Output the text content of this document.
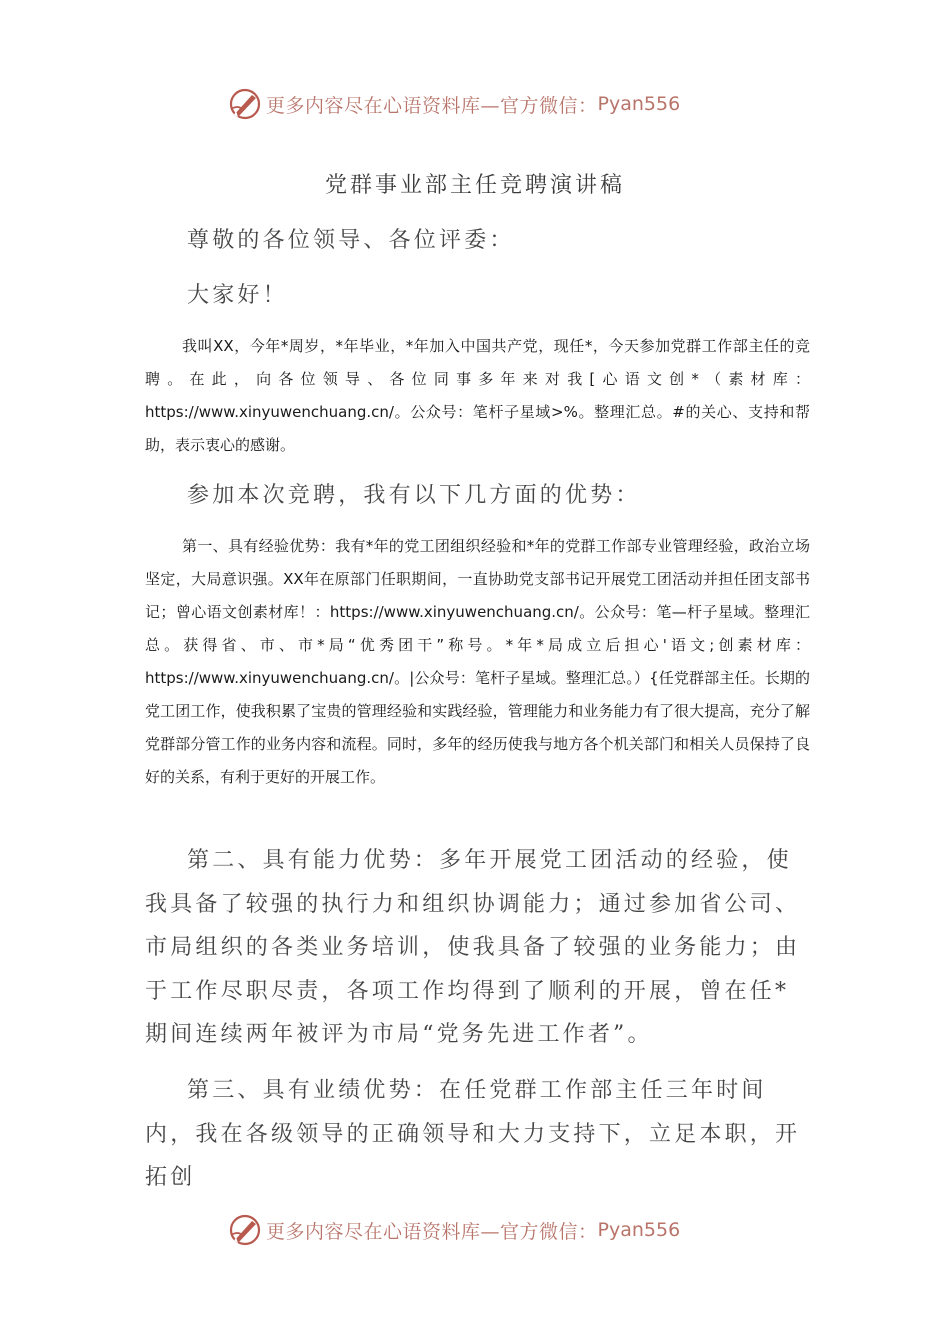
更多内容尽在心语资料库—官方微信： Pyan556
党群事业部主任竞聘演讲稿

尊敬的各位领导、各位评委：

大家好！

我叫XX，今年*周岁，*年毕业，*年加入中国共产党，现任*，今天参加党群工作部主任的竞聘。在此，向各位领导、各位同事多年来对我[心语文创*（素材库：https://www.xinyuwenchuang.cn/。公众号：笔杆子星域>%。整理汇总。#的关心、支持和帮助，表示衷心的感谢。

参加本次竞聘，我有以下几方面的优势：

第一、具有经验优势：我有*年的党工团组织经验和*年的党群工作部专业管理经验，政治立场坚定，大局意识强。XX年在原部门任职期间，一直协助党支部书记开展党工团活动并担任团支部书记；曾心语文创素材库！：https://www.xinyuwenchuang.cn/。公众号：笔—杆子星域。整理汇总。获得省、市、市*局“优秀团干”称号。*年*局成立后担心'语文;创素材库：https://www.xinyuwenchuang.cn/。|公众号：笔杆子星域。整理汇总。）{任党群部主任。长期的党工团工作，使我积累了宝贵的管理经验和实践经验，管理能力和业务能力有了很大提高，充分了解党群部分管工作的业务内容和流程。同时，多年的经历使我与地方各个机关部门和相关人员保持了良好的关系，有利于更好的开展工作。

第二、具有能力优势：多年开展党工团活动的经验，使我具备了较强的执行力和组织协调能力；通过参加省公司、市局组织的各类业务培训，使我具备了较强的业务能力；由于工作尽职尽责，各项工作均得到了顺利的开展，曾在任*期间连续两年被评为市局“党务先进工作者”。

第三、具有业绩优势：在任党群工作部主任三年时间内，我在各级领导的正确领导和大力支持下，立足本职，开拓创

更多内容尽在心语资料库—官方微信： Pyan556
